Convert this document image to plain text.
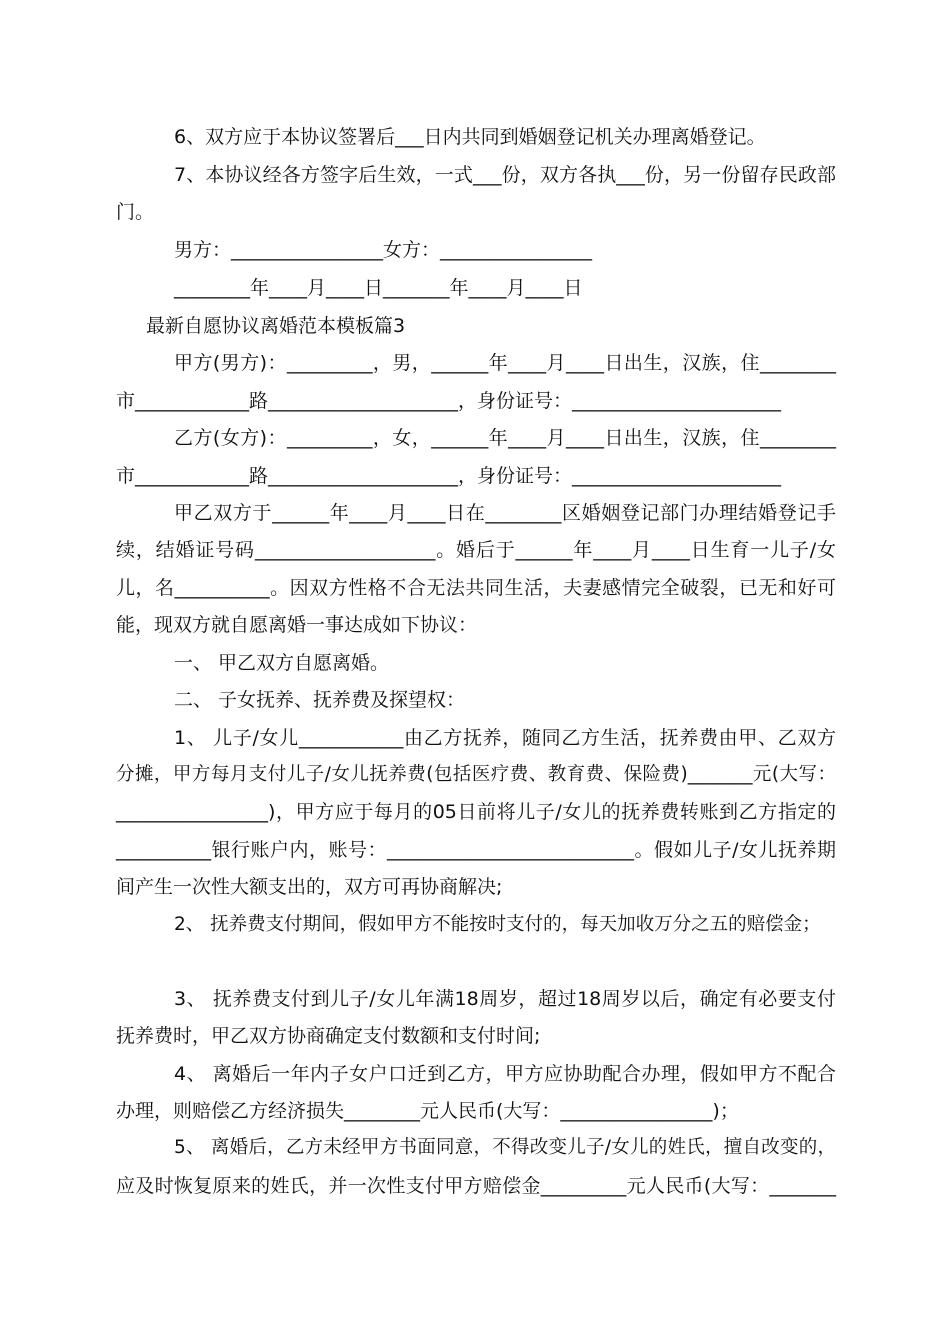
6、双方应于本协议签署后___日内共同到婚姻登记机关办理离婚登记。
7、本协议经各方签字后生效，一式___份，双方各执___份，另一份留存民政部
门。
男方：________________女方：________________
________年____月____日_______年____月____日
最新自愿协议离婚范本模板篇3
甲方(男方)：_________，男，______年____月____日出生，汉族，住________
市____________路____________________，身份证号：______________________
乙方(女方)：_________，女，______年____月____日出生，汉族，住________
市____________路____________________，身份证号：______________________
甲乙双方于______年____月____日在________区婚姻登记部门办理结婚登记手
续，结婚证号码___________________。婚后于______年____月____日生育一儿子/女
儿，名__________。因双方性格不合无法共同生活，夫妻感情完全破裂，已无和好可
能，现双方就自愿离婚一事达成如下协议：
一、 甲乙双方自愿离婚。
二、 子女抚养、抚养费及探望权：
1、 儿子/女儿___________由乙方抚养，随同乙方生活，抚养费由甲、乙双方
分摊，甲方每月支付儿子/女儿抚养费(包括医疗费、教育费、保险费)_______元(大写：
________________)，甲方应于每月的05日前将儿子/女儿的抚养费转账到乙方指定的
__________银行账户内，账号：__________________________。假如儿子/女儿抚养期
间产生一次性大额支出的，双方可再协商解决;
2、 抚养费支付期间，假如甲方不能按时支付的，每天加收万分之五的赔偿金；
3、 抚养费支付到儿子/女儿年满18周岁，超过18周岁以后，确定有必要支付
抚养费时，甲乙双方协商确定支付数额和支付时间;
4、 离婚后一年内子女户口迁到乙方，甲方应协助配合办理，假如甲方不配合
办理，则赔偿乙方经济损失________元人民币(大写：________________)；
5、 离婚后，乙方未经甲方书面同意，不得改变儿子/女儿的姓氏，擅自改变的，
应及时恢复原来的姓氏，并一次性支付甲方赔偿金_________元人民币(大写：_______
